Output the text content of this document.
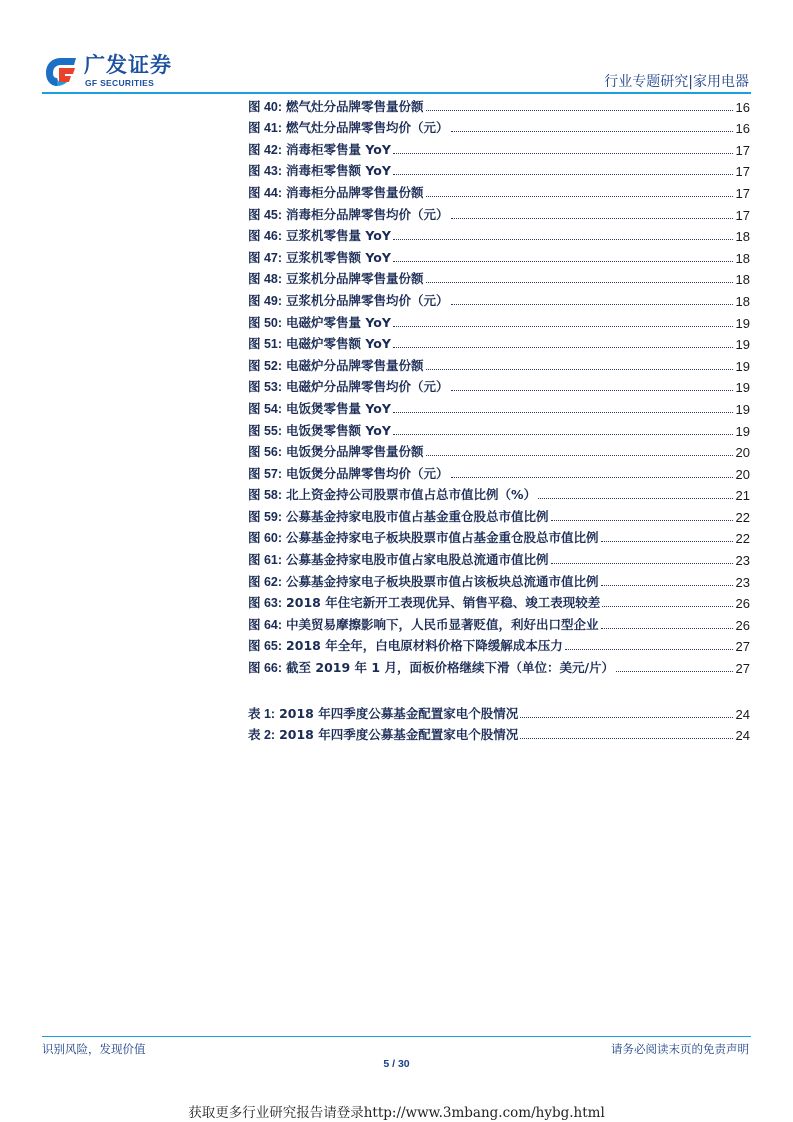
广发证券
GF SECURITIES	行业专题研究|家用电器
图 40: 燃气灶分品牌零售量份额	16
图 41: 燃气灶分品牌零售均价（元）	16
图 42: 消毒柜零售量 YoY	17
图 43: 消毒柜零售额 YoY	17
图 44: 消毒柜分品牌零售量份额	17
图 45: 消毒柜分品牌零售均价（元）	17
图 46: 豆浆机零售量 YoY	18
图 47: 豆浆机零售额 YoY	18
图 48: 豆浆机分品牌零售量份额	18
图 49: 豆浆机分品牌零售均价（元）	18
图 50: 电磁炉零售量 YoY	19
图 51: 电磁炉零售额 YoY	19
图 52: 电磁炉分品牌零售量份额	19
图 53: 电磁炉分品牌零售均价（元）	19
图 54: 电饭煲零售量 YoY	19
图 55: 电饭煲零售额 YoY	19
图 56: 电饭煲分品牌零售量份额	20
图 57: 电饭煲分品牌零售均价（元）	20
图 58: 北上资金持公司股票市值占总市值比例（%）	21
图 59: 公募基金持家电股市值占基金重仓股总市值比例	22
图 60: 公募基金持家电子板块股票市值占基金重仓股总市值比例	22
图 61: 公募基金持家电股市值占家电股总流通市值比例	23
图 62: 公募基金持家电子板块股票市值占该板块总流通市值比例	23
图 63: 2018 年住宅新开工表现优异、销售平稳、竣工表现较差	26
图 64: 中美贸易摩擦影响下，人民币显著贬值，利好出口型企业	26
图 65: 2018 年全年，白电原材料价格下降缓解成本压力	27
图 66: 截至 2019 年 1 月，面板价格继续下滑（单位：美元/片）	27
表 1: 2018 年四季度公募基金配置家电个股情况	24
表 2: 2018 年四季度公募基金配置家电个股情况	24
识别风险，发现价值	请务必阅读末页的免责声明
5 / 30
获取更多行业研究报告请登录http://www.3mbang.com/hybg.html
